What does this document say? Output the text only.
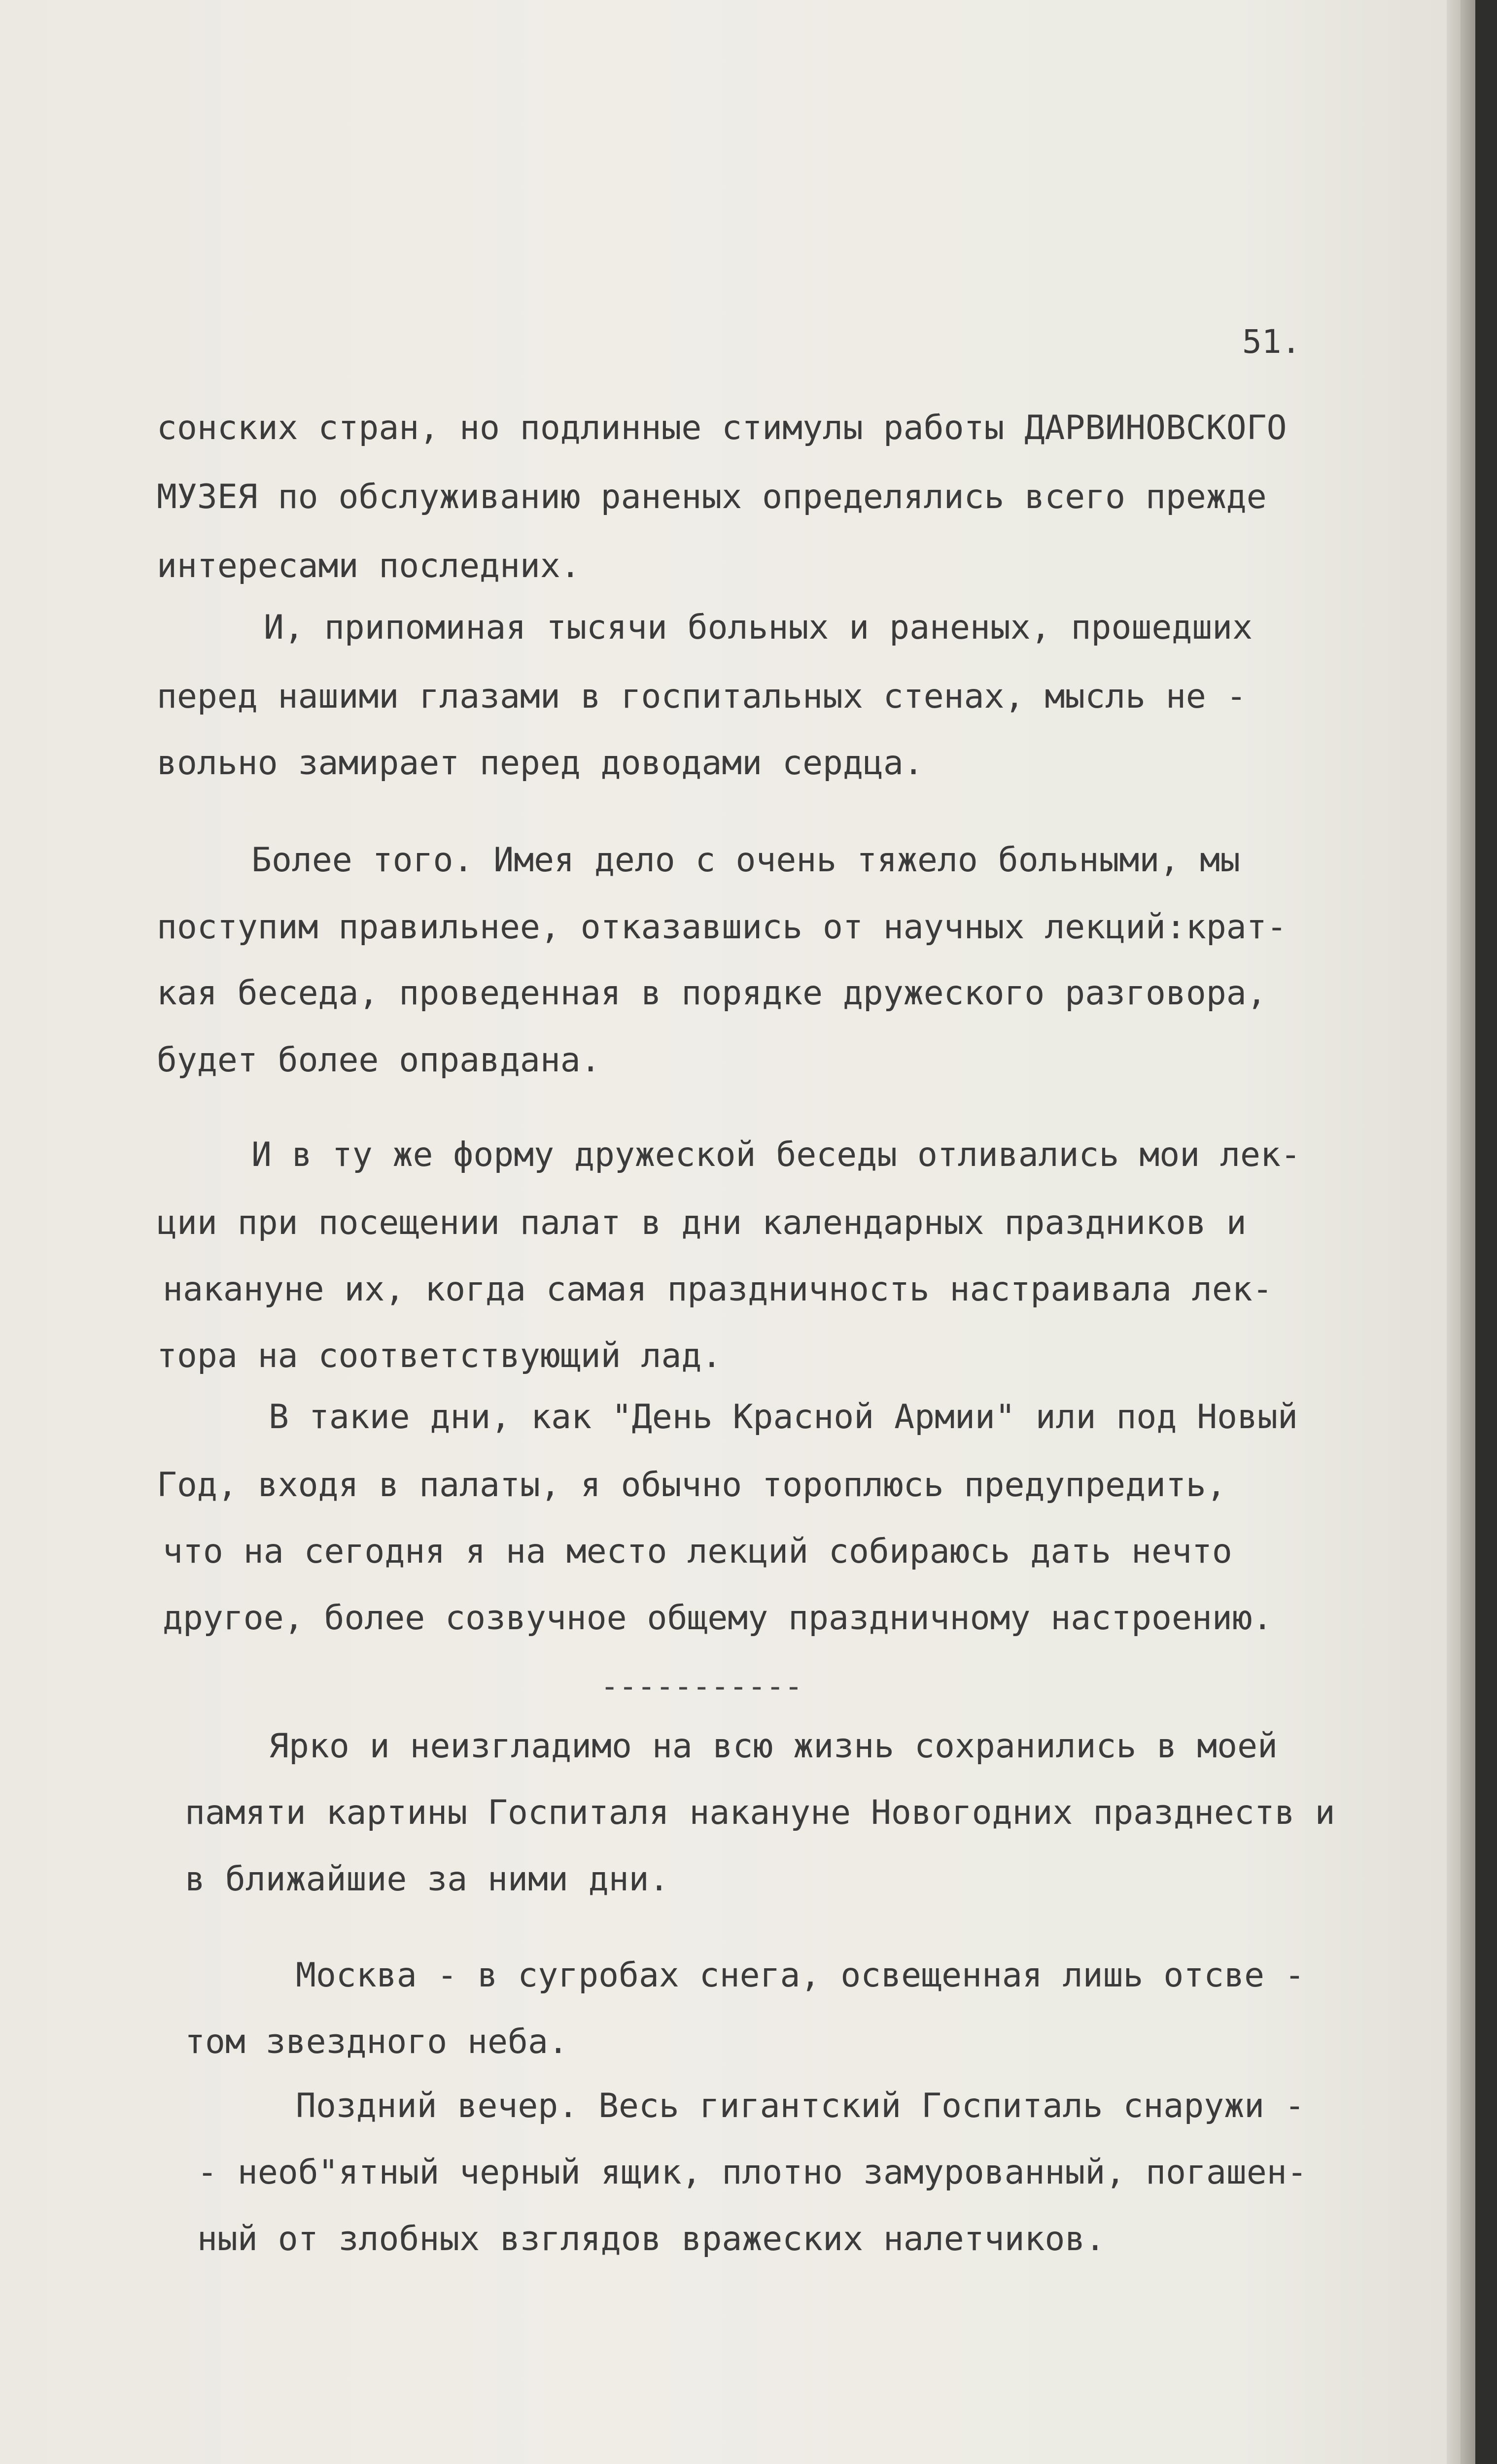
51.
сонских стран, но подлинные стимулы работы ДАРВИНОВСКОГО
МУЗЕЯ по обслуживанию раненых определялись всего прежде
интересами последних.
И, припоминая тысячи больных и раненых, прошедших
перед нашими глазами в госпитальных стенах, мысль не -
вольно замирает перед доводами сердца.
Более того. Имея дело с очень тяжело больными, мы
поступим правильнее, отказавшись от научных лекций:крат-
кая беседа, проведенная в порядке дружеского разговора,
будет более оправдана.
И в ту же форму дружеской беседы отливались мои лек-
ции при посещении палат в дни календарных праздников и
накануне их, когда самая праздничность настраивала лек-
тора на соответствующий лад.
В такие дни, как "День Красной Армии" или под Новый
Год, входя в палаты, я обычно тороплюсь предупредить,
что на сегодня я на место лекций собираюсь дать нечто
другое, более созвучное общему праздничному настроению.
-----------
Ярко и неизгладимо на всю жизнь сохранились в моей
памяти картины Госпиталя накануне Новогодних празднеств и
в ближайшие за ними дни.
Москва - в сугробах снега, освещенная лишь отсве -
том звездного неба.
Поздний вечер. Весь гигантский Госпиталь снаружи -
- необ"ятный черный ящик, плотно замурованный, погашен-
ный от злобных взглядов вражеских налетчиков.
